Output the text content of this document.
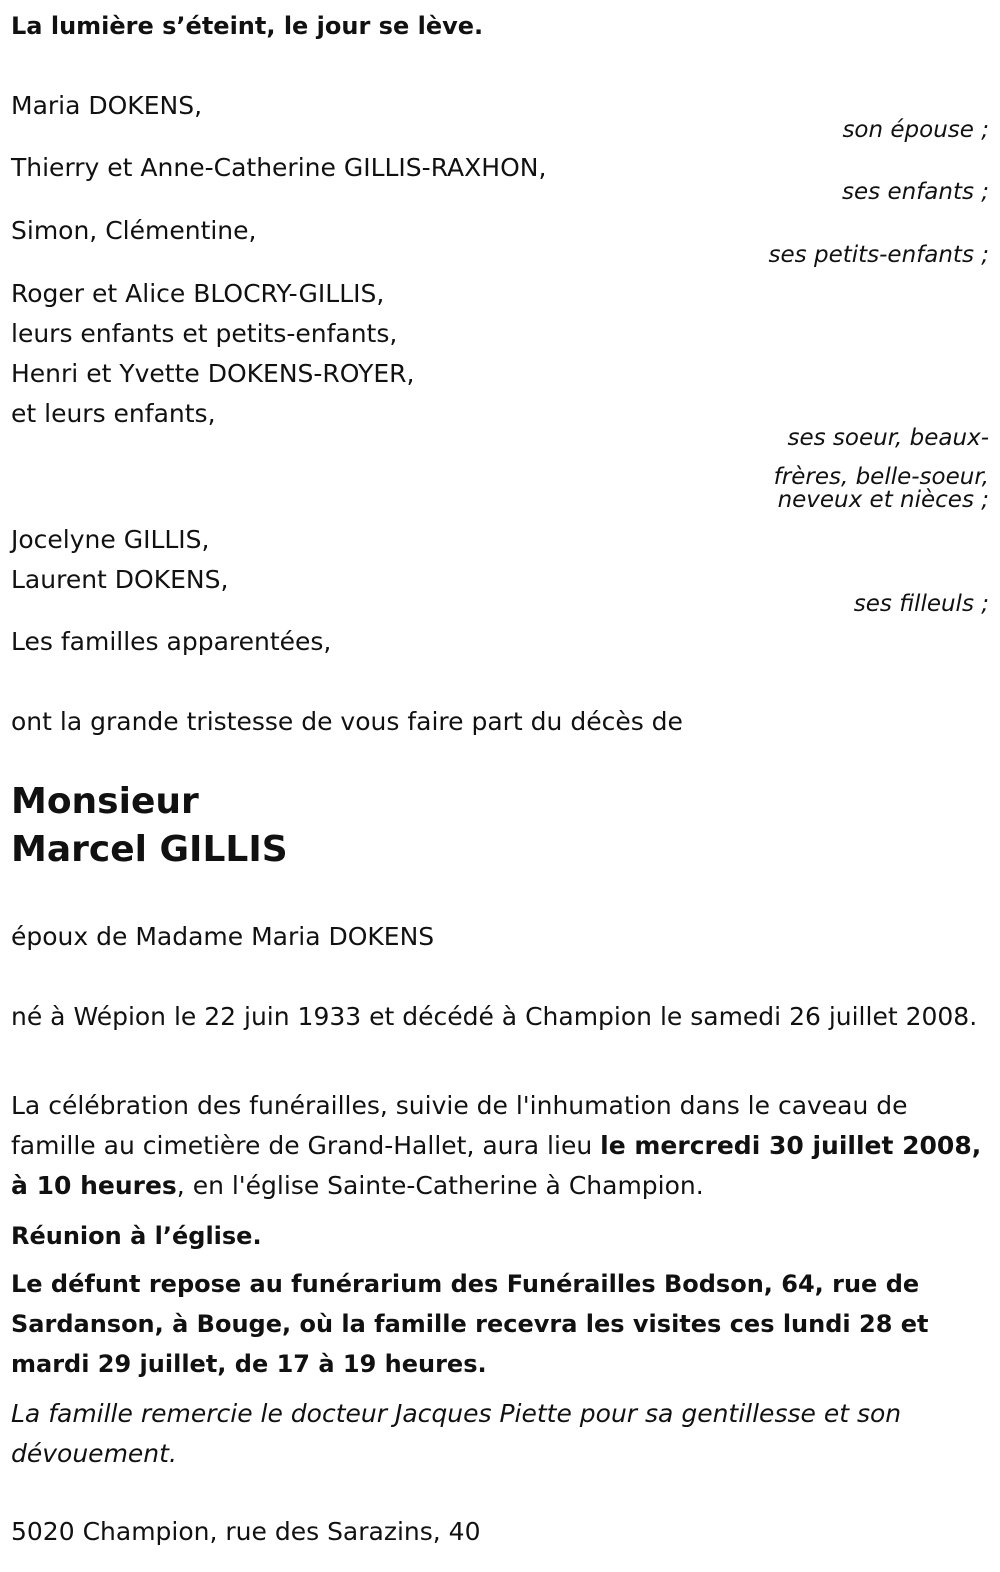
La lumière s’éteint, le jour se lève.

Maria DOKENS,

son épouse ;

Thierry et Anne-Catherine GILLIS-RAXHON,

ses enfants ;

Simon, Clémentine,

ses petits-enfants ;

Roger et Alice BLOCRY-GILLIS,

leurs enfants et petits-enfants,

Henri et Yvette DOKENS-ROYER,

et leurs enfants,

ses soeur, beaux-

frères, belle-soeur,

neveux et nièces ;

Jocelyne GILLIS,

Laurent DOKENS,

ses filleuls ;

Les familles apparentées,

ont la grande tristesse de vous faire part du décès de

Monsieur

Marcel GILLIS

époux de Madame Maria DOKENS

né à Wépion le 22 juin 1933 et décédé à Champion le samedi 26 juillet 2008.

La célébration des funérailles, suivie de l'inhumation dans le caveau de famille au cimetière de Grand-Hallet, aura lieu le mercredi 30 juillet 2008, à 10 heures, en l'église Sainte-Catherine à Champion.

Réunion à l’église.

Le défunt repose au funérarium des Funérailles Bodson, 64, rue de Sardanson, à Bouge, où la famille recevra les visites ces lundi 28 et mardi 29 juillet, de 17 à 19 heures.

La famille remercie le docteur Jacques Piette pour sa gentillesse et son dévouement.

5020 Champion, rue des Sarazins, 40
